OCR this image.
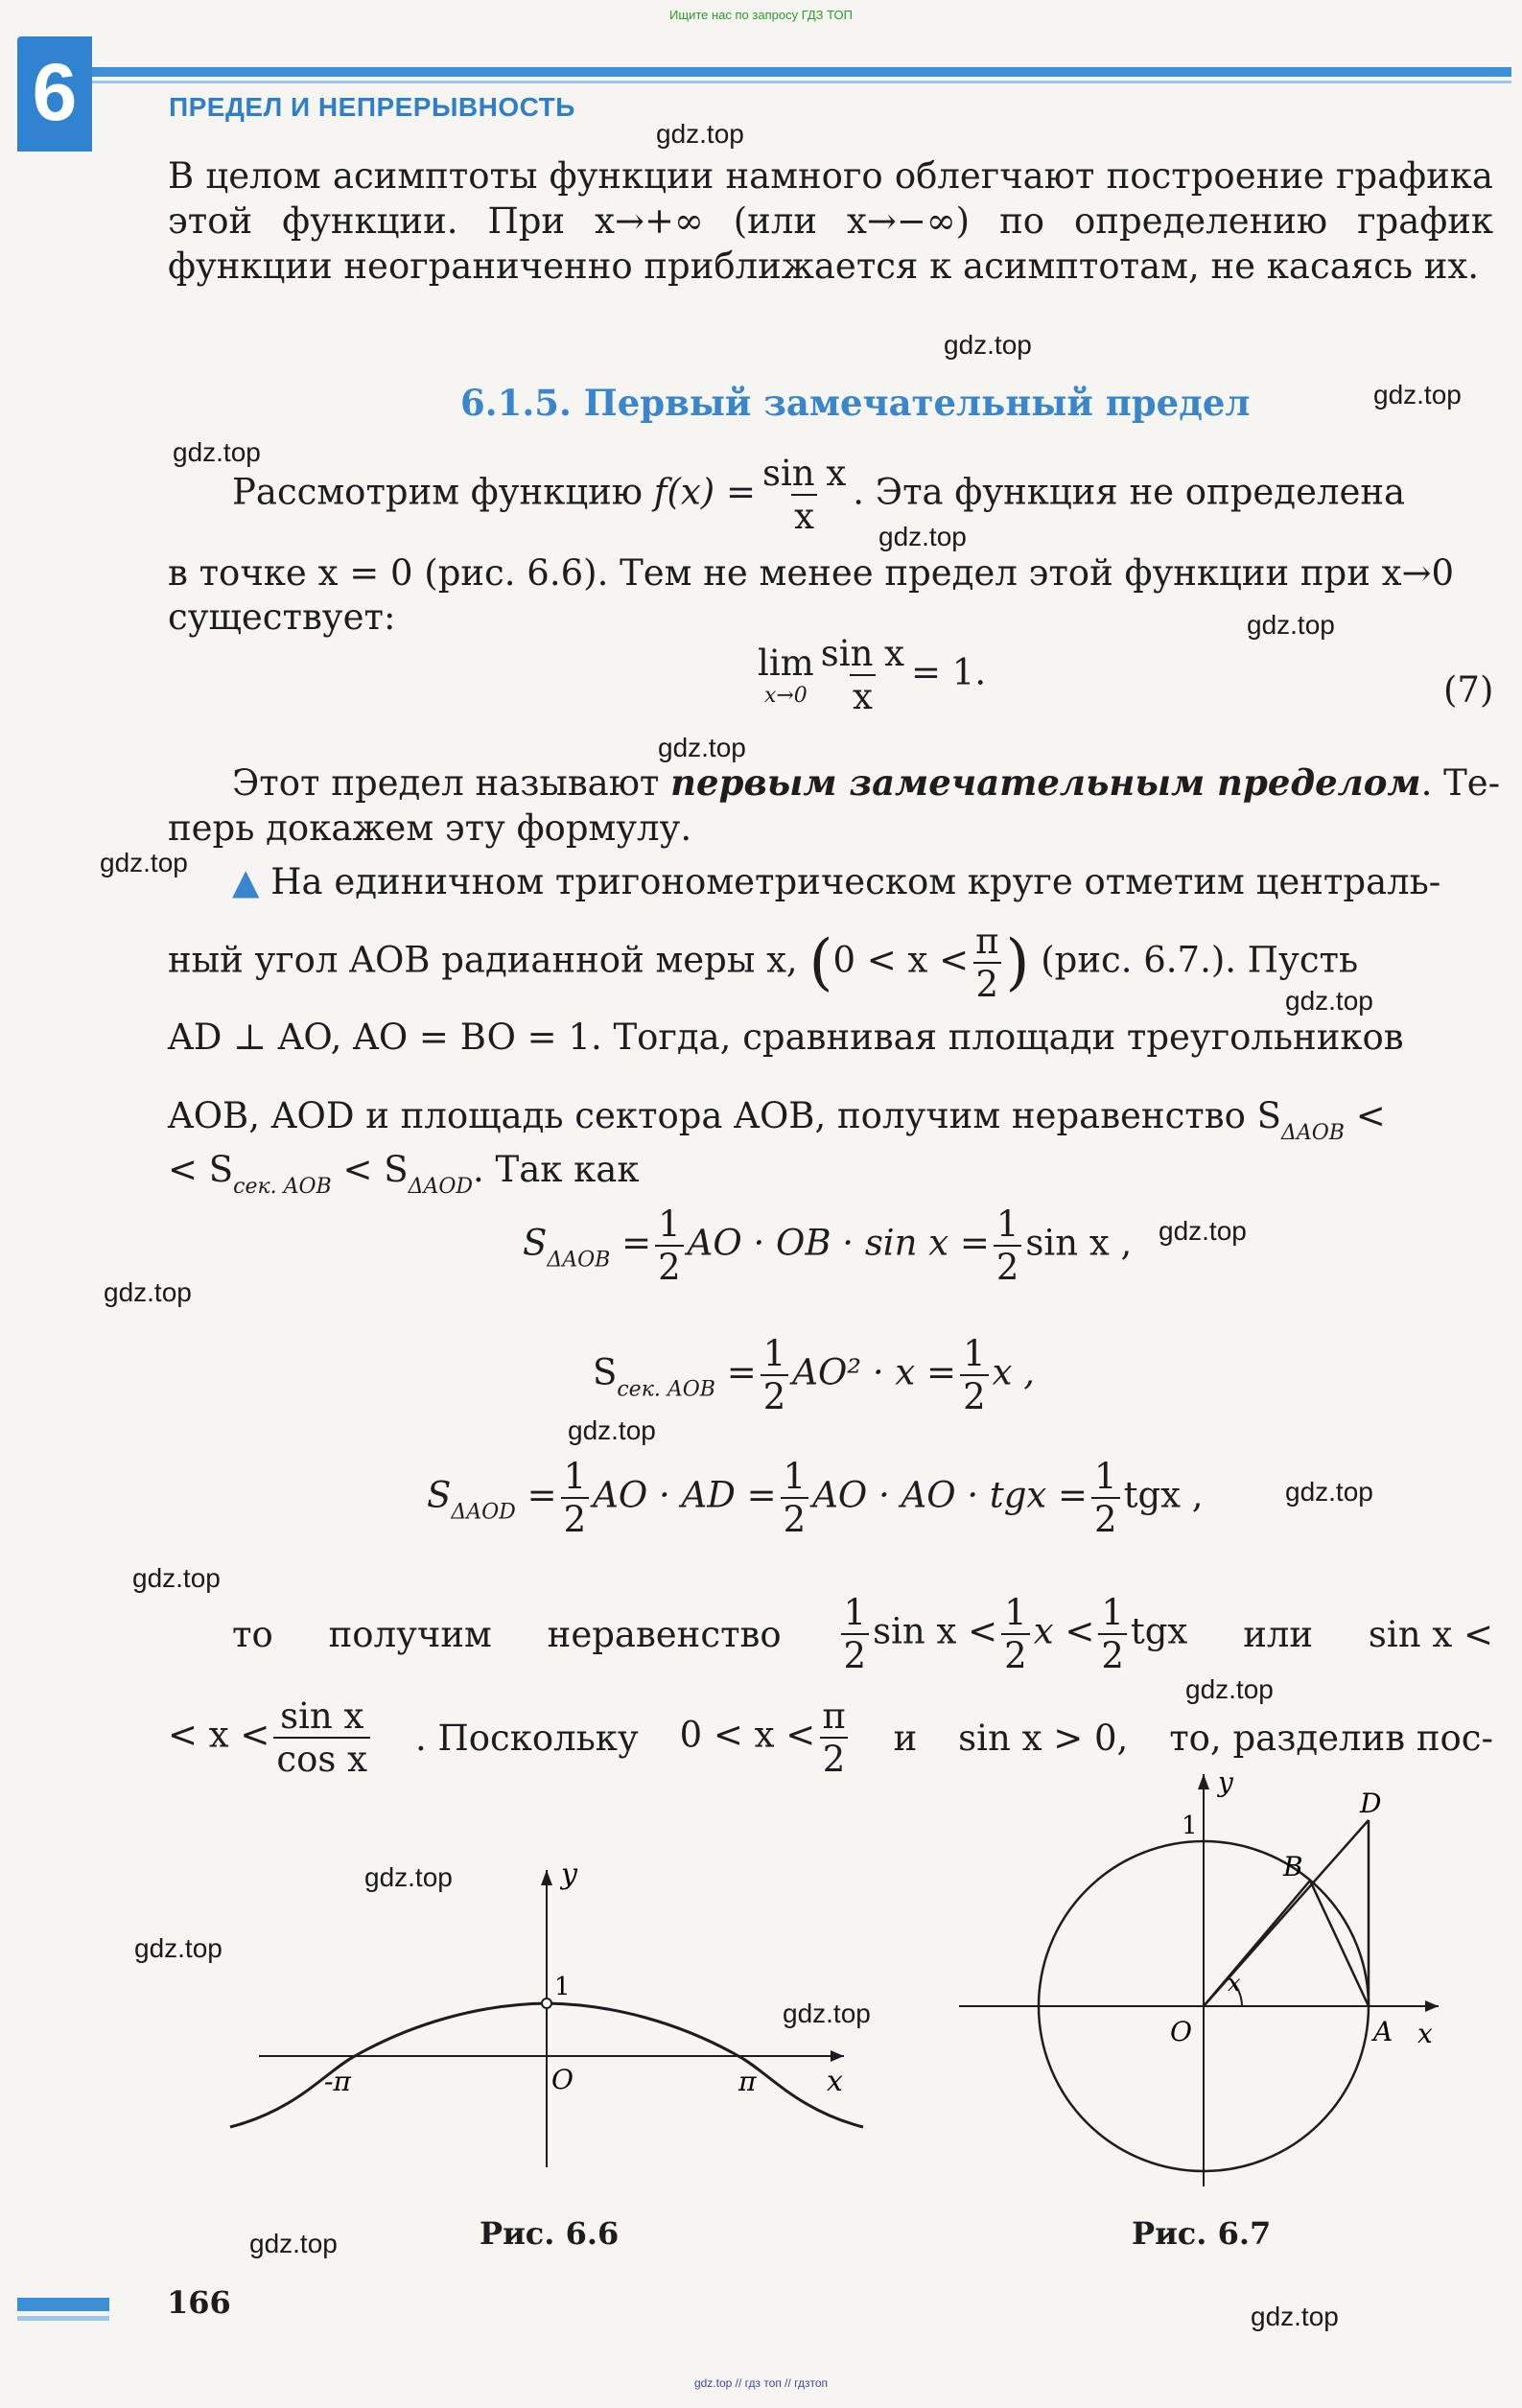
Ищите нас по запросу ГДЗ ТОП
gdz.top // гдз топ // гдзтоп
6	ПРЕДЕЛ И НЕПРЕРЫВНОСТЬ
В целом асимптоты функции намного облегчают построение графика этой функции. При x→+∞ (или x→−∞) по определению график функции неограниченно приближается к асимптотам, не касаясь их.
6.1.5. Первый замечательный предел
Рассмотрим функцию $f(x) = \frac{\text{sin x}}{x}$ . Эта функция не определена
в точке x = 0 (рис. 6.6). Тем не менее предел этой функции при x→0
существует:
lim
$x\to 0 \frac{\text{sin x}}{x} = 1$.	(7)
Этот предел называют первым замечательным пределом. Те-
перь докажем эту формулу.
▲ На единичном тригонометрическом круге отметим централь-
ный угол AOB радианной меры x, ($0 < x < \frac{\pi}{2}$ ) (рис. 6.7.). Пусть
AD ⊥ AO, AO = BO = 1. Тогда, сравнивая площади треугольников
AOB, AOD и площадь сектора AOB, получим неравенство $S_{\Delta AOB}$ <
< $S_{сек. AOB} < S_{\Delta AOD}$. Так как
$S_{\Delta AOB} = \frac{1}{2}$ AO · OB · $\sin x = \frac{1}{2}$ sin x ,
$S_{сек. AOB} = \frac{1}{2} AO^2 \cdot x = \frac{1}{2}$ x ,
$S_{\Delta AOD} = \frac{1}{2}$ AO · AD = $\frac{1}{2}$ AO · AO · tgx = $\frac{1}{2}$ tgx ,
то получим неравенство $\frac{1}{2}$ $\sin x < \frac{1}{2}$ $x < \frac{1}{2}$ tgx или sin x <
< $x < \frac{\text{sin x}}{\text{cos x}}$ . Поскольку $0 < x < \frac{\pi}{2}$ и sin x > 0, то, разделив пос-
y
x
O
1
-π	π
Рис. 6.6
y
x
O
1
A
B
D
x
Рис. 6.7
166
gdz.top
gdz.top
gdz.top
gdz.top
gdz.top
gdz.top
gdz.top
gdz.top
gdz.top
gdz.top
gdz.top
gdz.top
gdz.top
gdz.top
gdz.top
gdz.top
gdz.top
gdz.top
gdz.top
gdz.top
